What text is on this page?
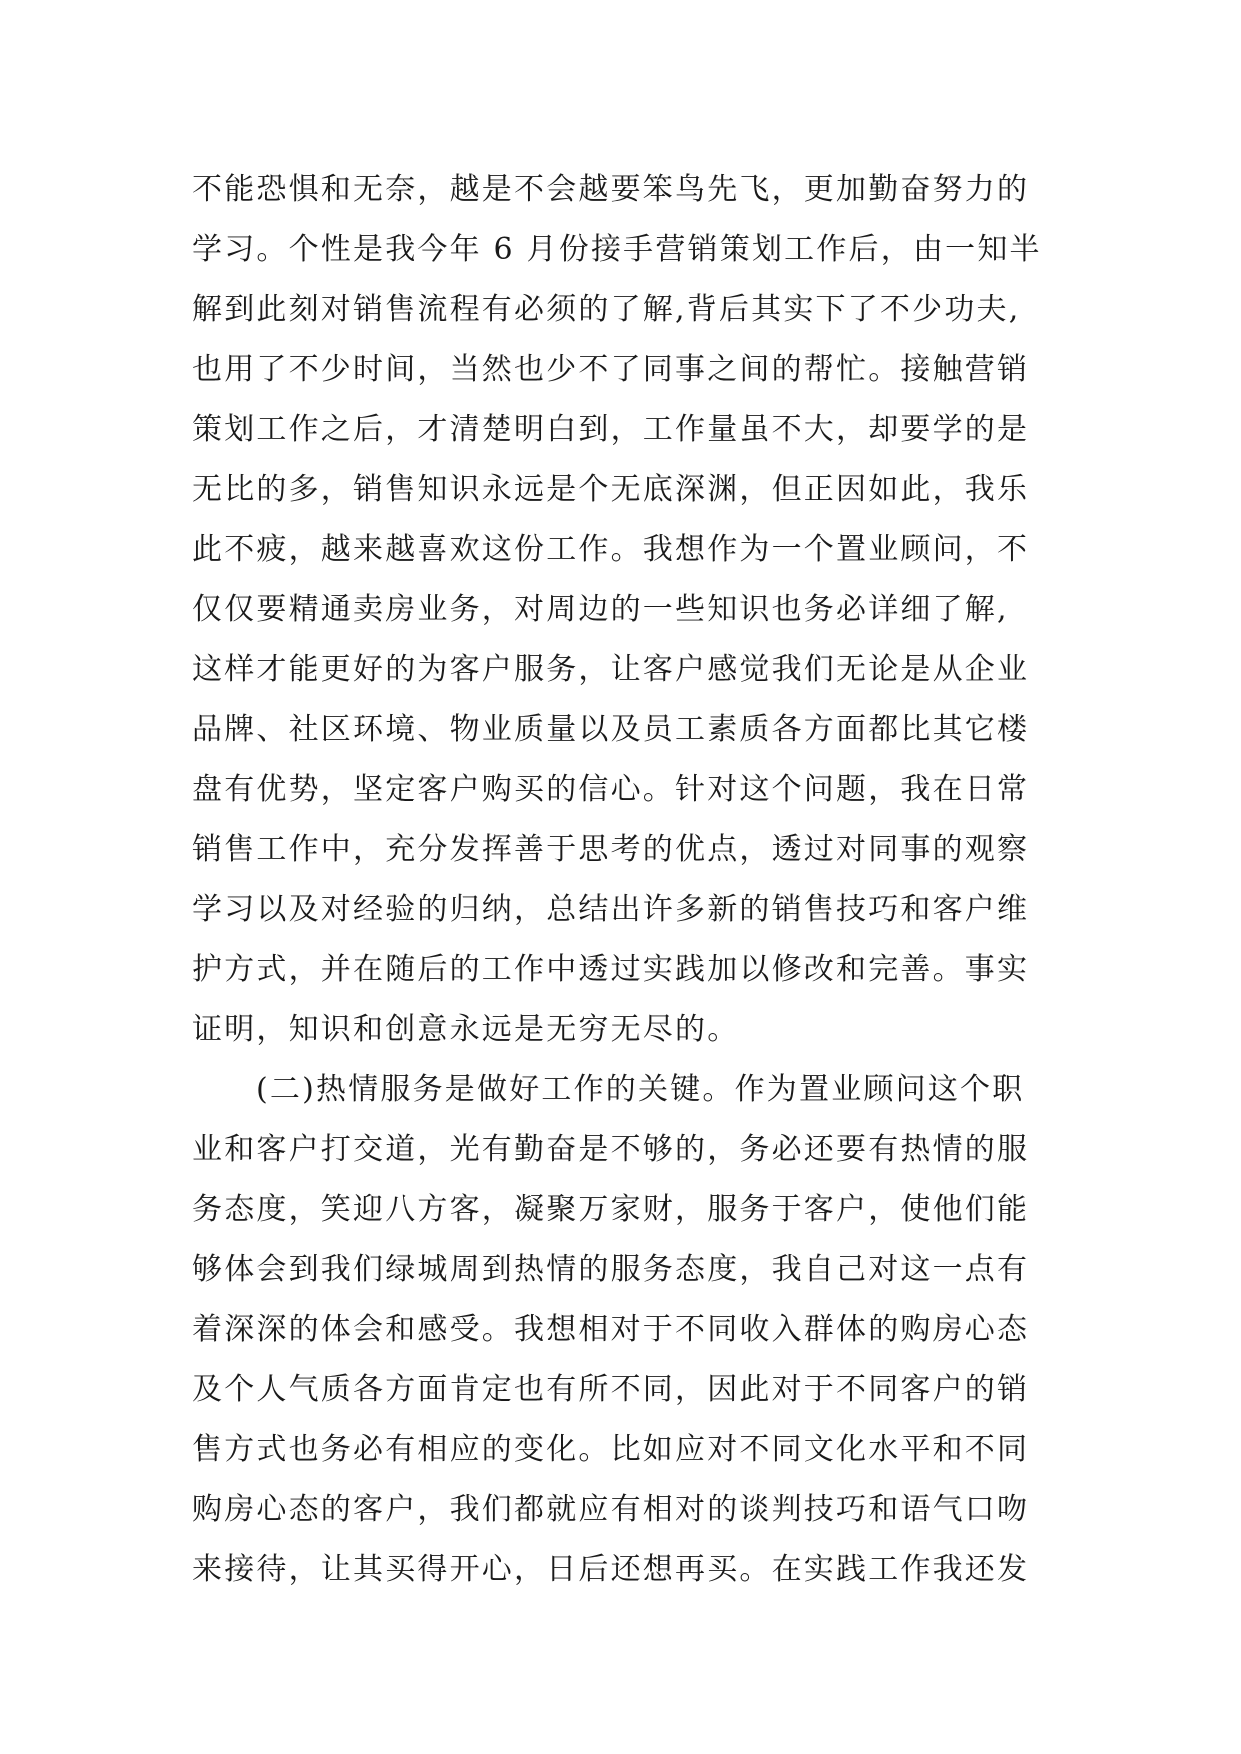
不能恐惧和无奈，越是不会越要笨鸟先飞，更加勤奋努力的
学习。个性是我今年 6 月份接手营销策划工作后，由一知半
解到此刻对销售流程有必须的了解,背后其实下了不少功夫,
也用了不少时间，当然也少不了同事之间的帮忙。接触营销
策划工作之后，才清楚明白到，工作量虽不大，却要学的是
无比的多，销售知识永远是个无底深渊，但正因如此，我乐
此不疲，越来越喜欢这份工作。我想作为一个置业顾问，不
仅仅要精通卖房业务，对周边的一些知识也务必详细了解,
这样才能更好的为客户服务，让客户感觉我们无论是从企业
品牌、社区环境、物业质量以及员工素质各方面都比其它楼
盘有优势，坚定客户购买的信心。针对这个问题，我在日常
销售工作中，充分发挥善于思考的优点，透过对同事的观察
学习以及对经验的归纳，总结出许多新的销售技巧和客户维
护方式，并在随后的工作中透过实践加以修改和完善。事实
证明，知识和创意永远是无穷无尽的。
(二)热情服务是做好工作的关键。作为置业顾问这个职
业和客户打交道，光有勤奋是不够的，务必还要有热情的服
务态度，笑迎八方客，凝聚万家财，服务于客户，使他们能
够体会到我们绿城周到热情的服务态度，我自己对这一点有
着深深的体会和感受。我想相对于不同收入群体的购房心态
及个人气质各方面肯定也有所不同，因此对于不同客户的销
售方式也务必有相应的变化。比如应对不同文化水平和不同
购房心态的客户，我们都就应有相对的谈判技巧和语气口吻
来接待，让其买得开心，日后还想再买。在实践工作我还发
